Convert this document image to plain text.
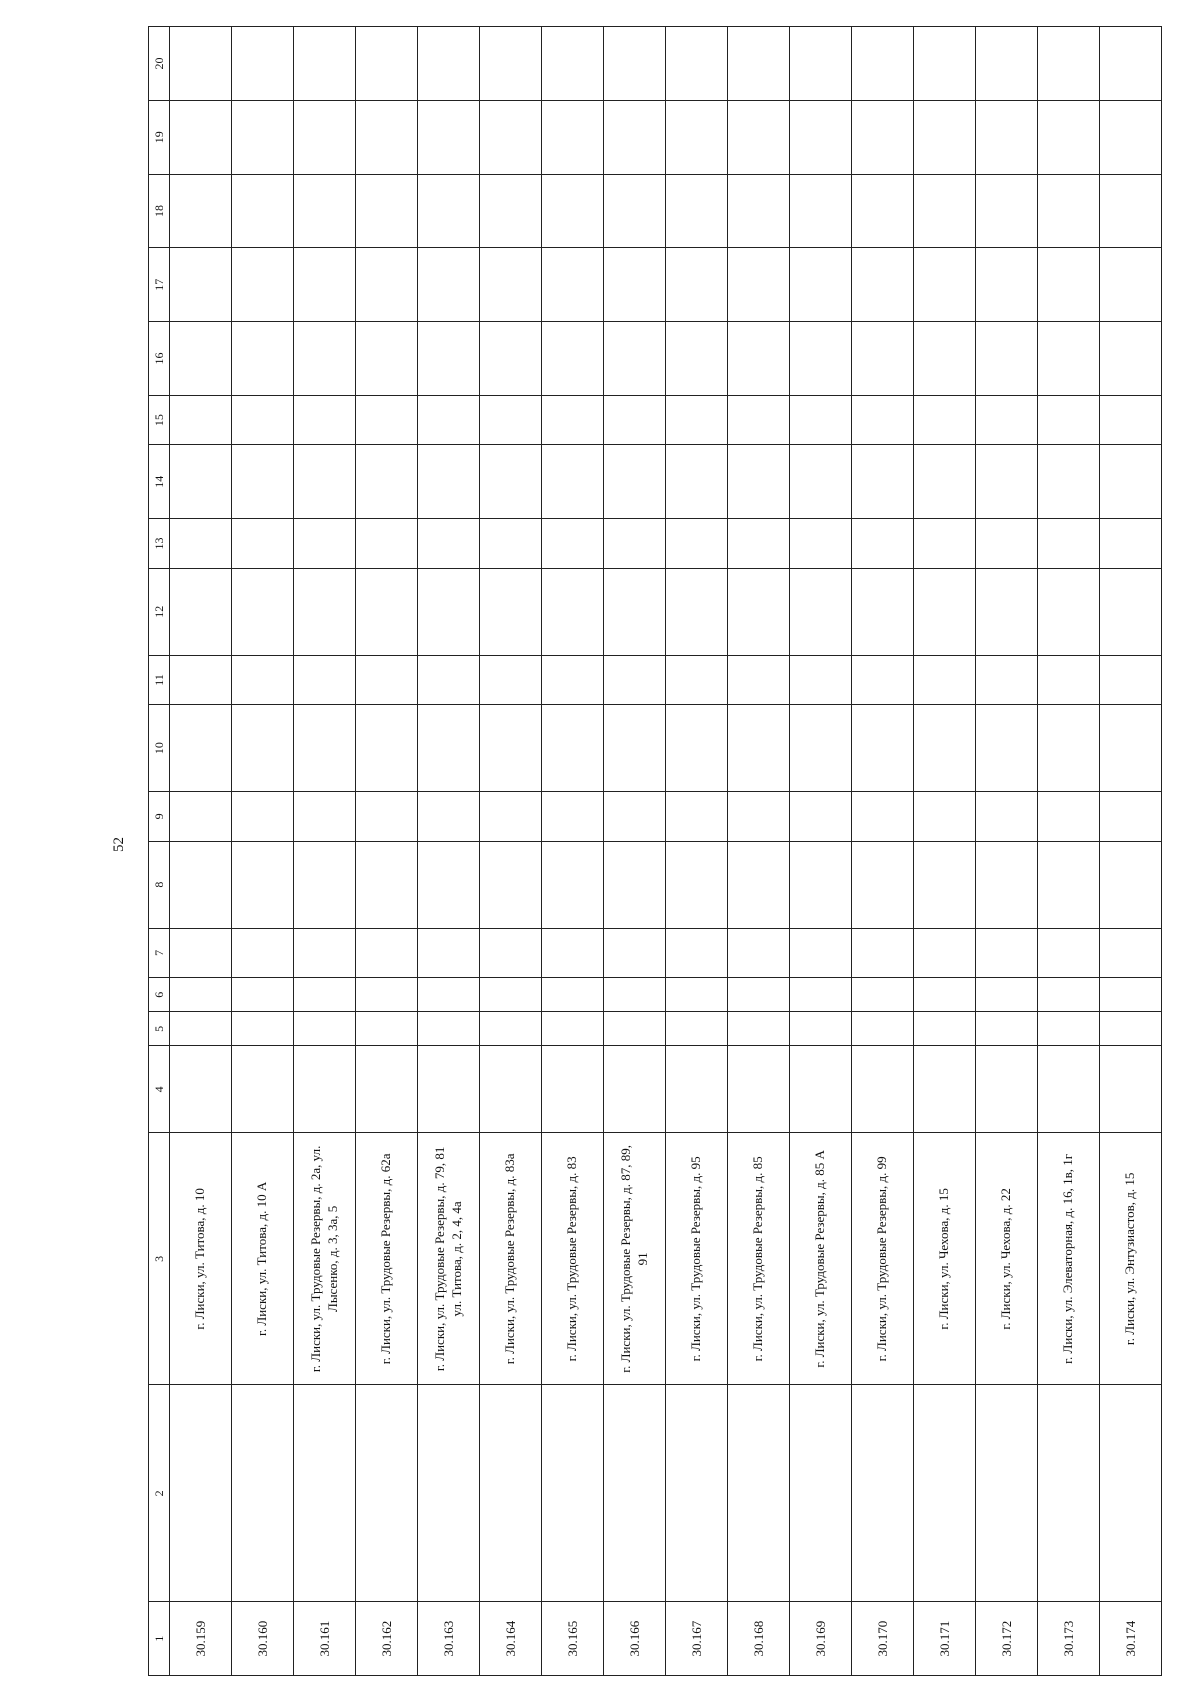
52
1	2	3	4	5	6	7	8	9	10	11	12	13	14	15	16	17	18	19	20
30.159		г. Лиски, ул. Титова, д. 10																	
30.160		г. Лиски, ул. Титова, д. 10 А																	
30.161		г. Лиски, ул. Трудовые Резервы, д. 2а, ул. Лысенко, д. 3, 3а, 5																	
30.162		г. Лиски, ул. Трудовые Резервы, д. 62а																	
30.163		г. Лиски, ул. Трудовые Резервы, д. 79, 81 ул. Титова, д. 2, 4, 4а																	
30.164		г. Лиски, ул. Трудовые Резервы, д. 83а																	
30.165		г. Лиски, ул. Трудовые Резервы, д. 83																	
30.166		г. Лиски, ул. Трудовые Резервы, д. 87, 89, 91																	
30.167		г. Лиски, ул. Трудовые Резервы, д. 95																	
30.168		г. Лиски, ул. Трудовые Резервы, д. 85																	
30.169		г. Лиски, ул. Трудовые Резервы, д. 85 А																	
30.170		г. Лиски, ул. Трудовые Резервы, д. 99																	
30.171		г. Лиски, ул. Чехова, д. 15																	
30.172		г. Лиски, ул. Чехова, д. 22																	
30.173		г. Лиски, ул. Элеваторная, д. 16, 1в, 1г																	
30.174		г. Лиски, ул. Энтузиастов, д. 15																	
